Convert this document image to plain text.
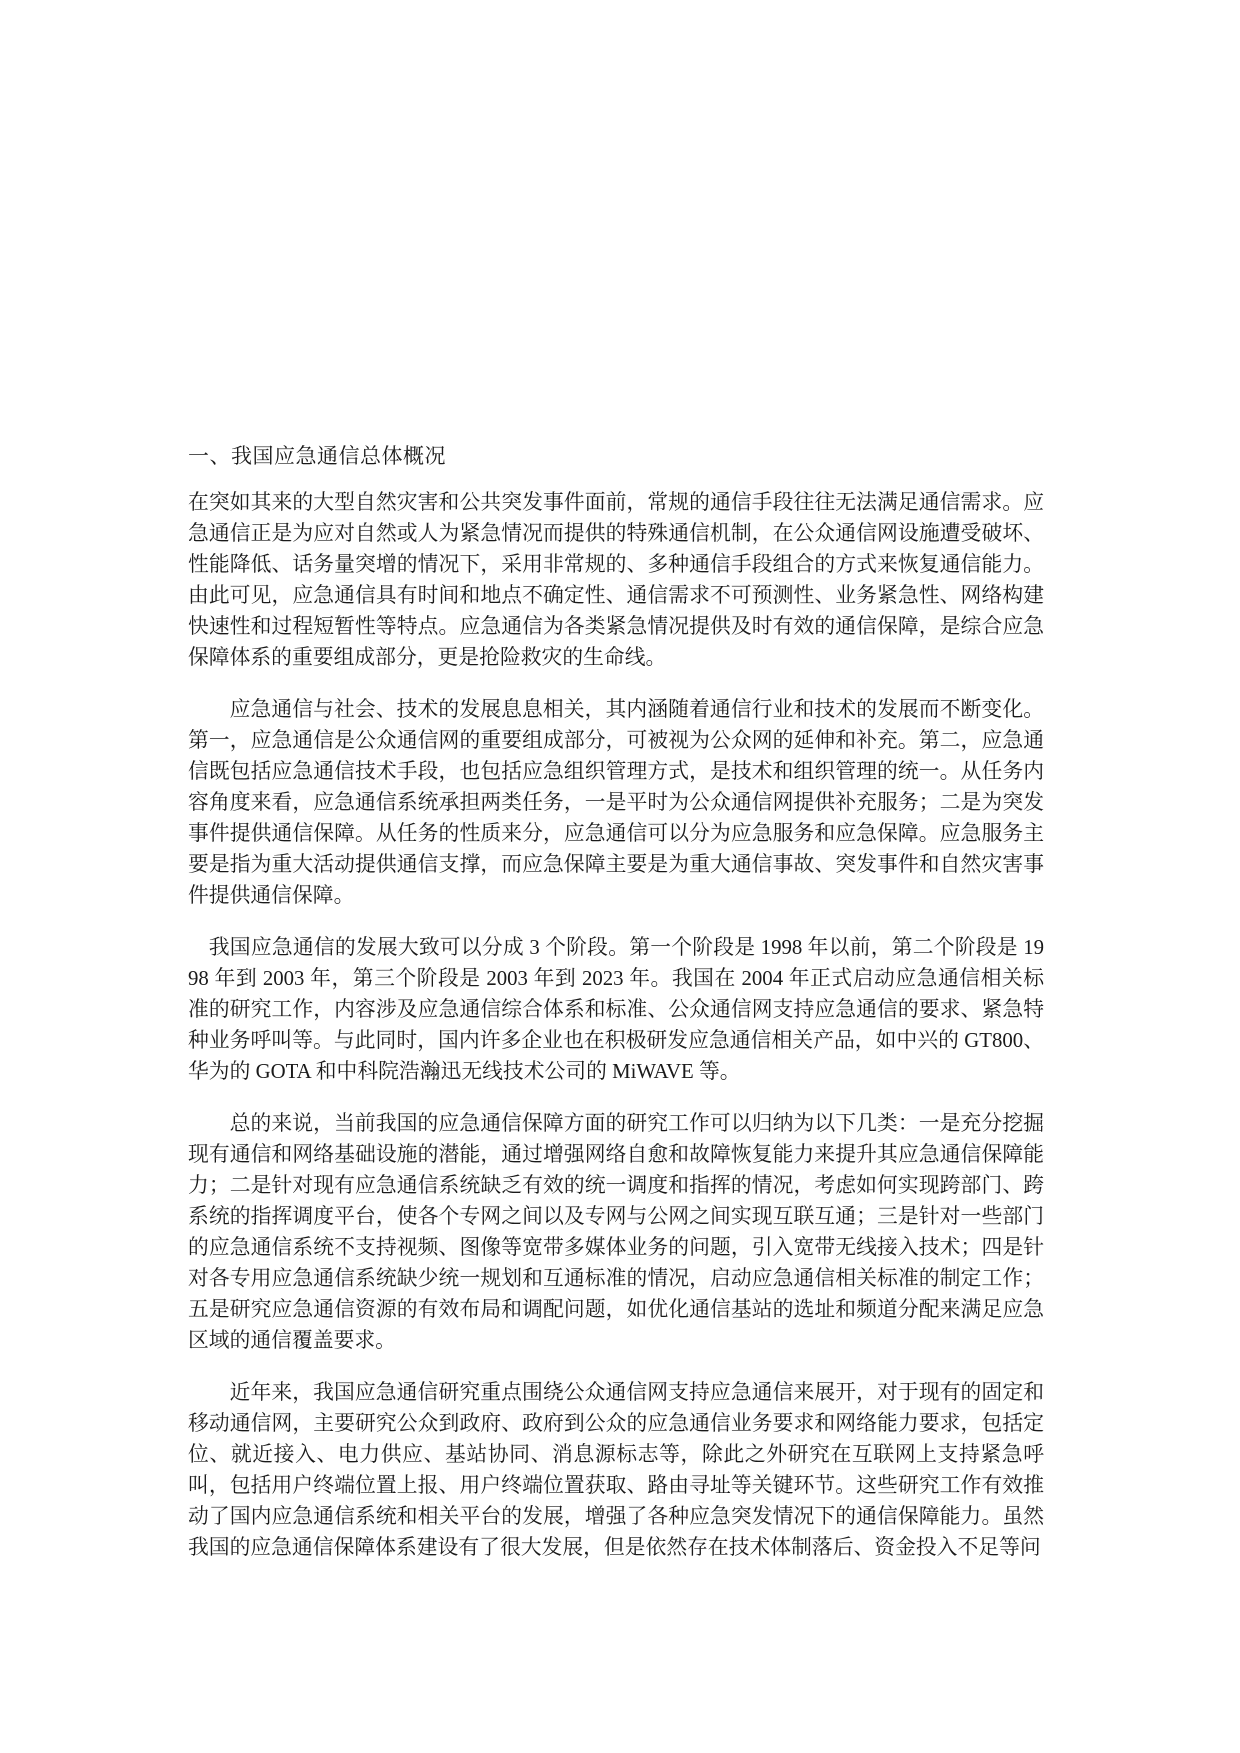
一、我国应急通信总体概况

在突如其来的大型自然灾害和公共突发事件面前，常规的通信手段往往无法满足通信需求。应急通信正是为应对自然或人为紧急情况而提供的特殊通信机制，在公众通信网设施遭受破坏、性能降低、话务量突增的情况下，采用非常规的、多种通信手段组合的方式来恢复通信能力。由此可见，应急通信具有时间和地点不确定性、通信需求不可预测性、业务紧急性、网络构建快速性和过程短暂性等特点。应急通信为各类紧急情况提供及时有效的通信保障，是综合应急保障体系的重要组成部分，更是抢险救灾的生命线。

应急通信与社会、技术的发展息息相关，其内涵随着通信行业和技术的发展而不断变化。第一，应急通信是公众通信网的重要组成部分，可被视为公众网的延伸和补充。第二，应急通信既包括应急通信技术手段，也包括应急组织管理方式，是技术和组织管理的统一。从任务内容角度来看，应急通信系统承担两类任务，一是平时为公众通信网提供补充服务；二是为突发事件提供通信保障。从任务的性质来分，应急通信可以分为应急服务和应急保障。应急服务主要是指为重大活动提供通信支撑，而应急保障主要是为重大通信事故、突发事件和自然灾害事件提供通信保障。

我国应急通信的发展大致可以分成 3 个阶段。第一个阶段是 1998 年以前，第二个阶段是 1998 年到 2003 年，第三个阶段是 2003 年到 2023 年。我国在 2004 年正式启动应急通信相关标准的研究工作，内容涉及应急通信综合体系和标准、公众通信网支持应急通信的要求、紧急特种业务呼叫等。与此同时，国内许多企业也在积极研发应急通信相关产品，如中兴的 GT800、华为的 GOTA 和中科院浩瀚迅无线技术公司的 MiWAVE 等。

总的来说，当前我国的应急通信保障方面的研究工作可以归纳为以下几类：一是充分挖掘现有通信和网络基础设施的潜能，通过增强网络自愈和故障恢复能力来提升其应急通信保障能力；二是针对现有应急通信系统缺乏有效的统一调度和指挥的情况，考虑如何实现跨部门、跨系统的指挥调度平台，使各个专网之间以及专网与公网之间实现互联互通；三是针对一些部门的应急通信系统不支持视频、图像等宽带多媒体业务的问题，引入宽带无线接入技术；四是针对各专用应急通信系统缺少统一规划和互通标准的情况，启动应急通信相关标准的制定工作；五是研究应急通信资源的有效布局和调配问题，如优化通信基站的选址和频道分配来满足应急区域的通信覆盖要求。

近年来，我国应急通信研究重点围绕公众通信网支持应急通信来展开，对于现有的固定和移动通信网，主要研究公众到政府、政府到公众的应急通信业务要求和网络能力要求，包括定位、就近接入、电力供应、基站协同、消息源标志等，除此之外研究在互联网上支持紧急呼叫，包括用户终端位置上报、用户终端位置获取、路由寻址等关键环节。这些研究工作有效推动了国内应急通信系统和相关平台的发展，增强了各种应急突发情况下的通信保障能力。虽然我国的应急通信保障体系建设有了很大发展，但是依然存在技术体制落后、资金投入不足等问
